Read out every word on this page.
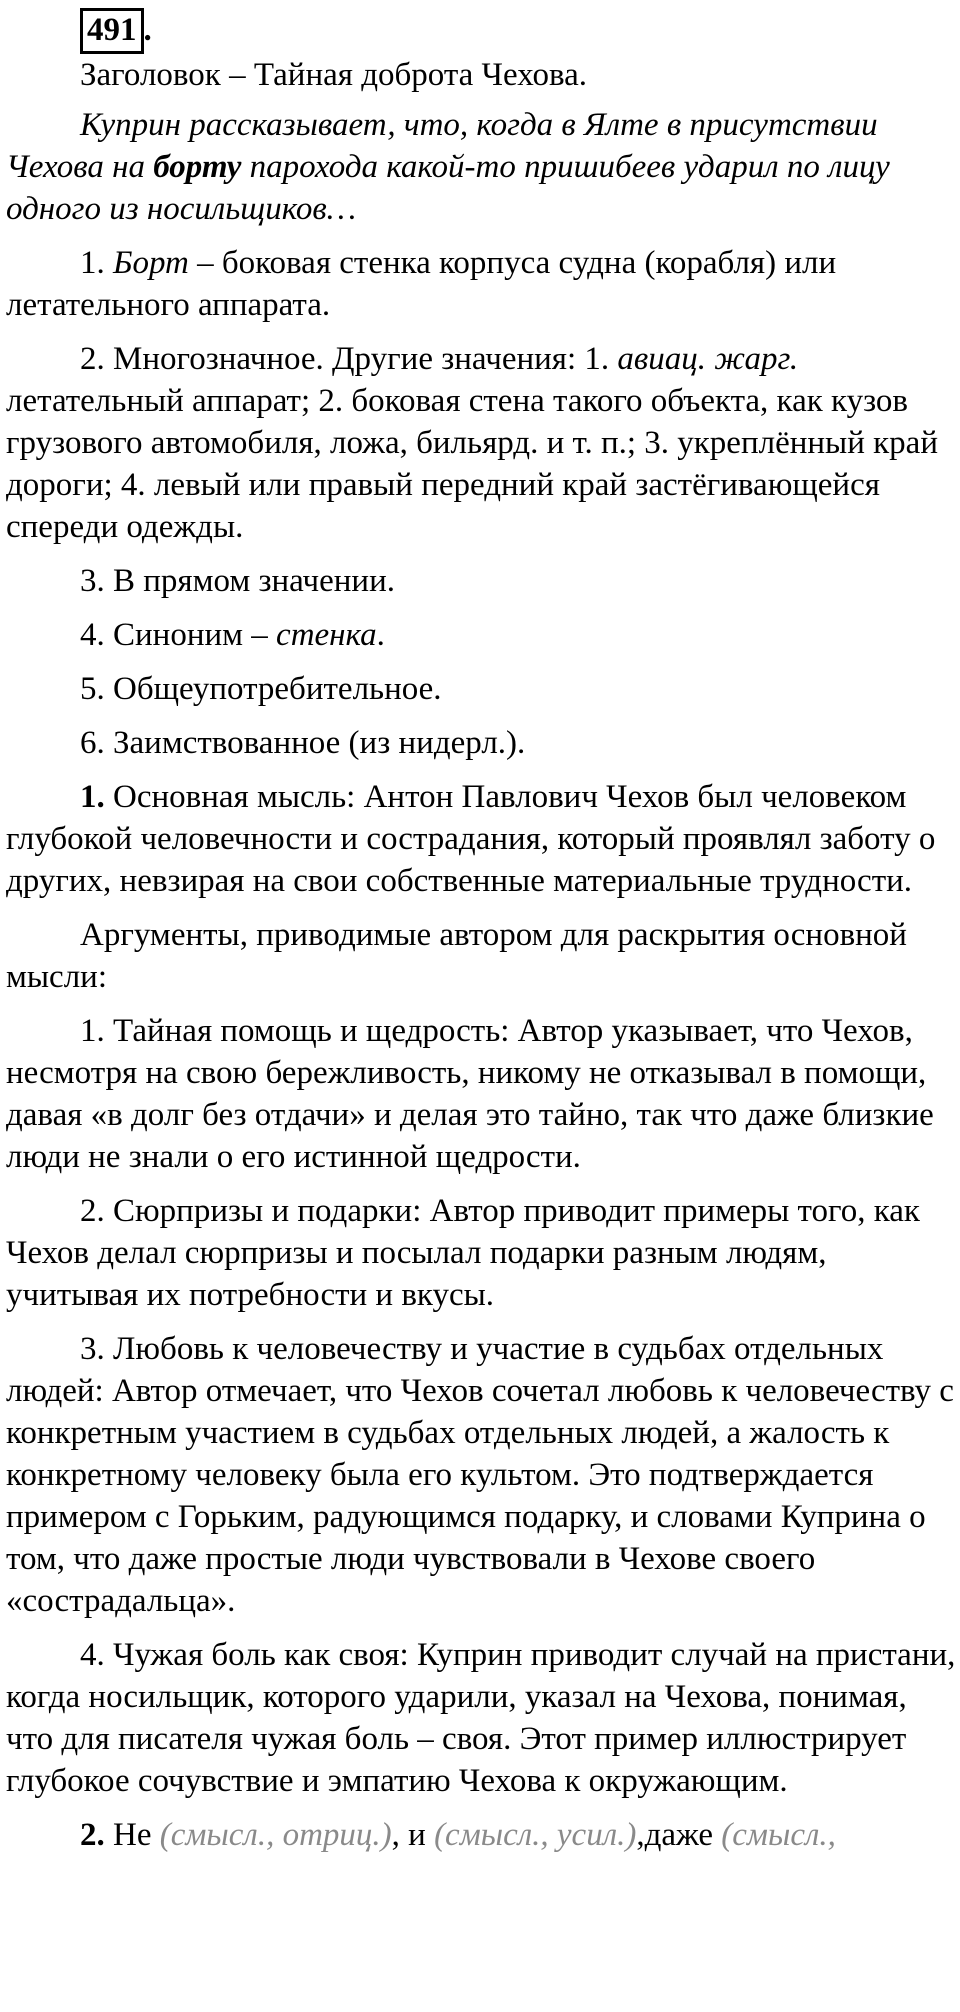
491 .

Заголовок – Тайная доброта Чехова.

Куприн рассказывает, что, когда в Ялте в присутствии Чехова на борту парохода какой-то пришибеев ударил по лицу одного из носильщиков…

1. Борт – боковая стенка корпуса судна (корабля) или летательного аппарата.

2. Многозначное. Другие значения: 1. авиац. жарг. летательный аппарат; 2. боковая стена такого объекта, как кузов грузового автомобиля, ложа, бильярд. и т. п.; 3. укреплённый край дороги; 4. левый или правый передний край застёгивающейся спереди одежды.

3. В прямом значении.

4. Синоним – стенка.

5. Общеупотребительное.

6. Заимствованное (из нидерл.).

1. Основная мысль: Антон Павлович Чехов был человеком глубокой человечности и сострадания, который проявлял заботу о других, невзирая на свои собственные материальные трудности.

Аргументы, приводимые автором для раскрытия основной мысли:

1. Тайная помощь и щедрость: Автор указывает, что Чехов, несмотря на свою бережливость, никому не отказывал в помощи, давая «в долг без отдачи» и делая это тайно, так что даже близкие люди не знали о его истинной щедрости.

2. Сюрпризы и подарки: Автор приводит примеры того, как Чехов делал сюрпризы и посылал подарки разным людям, учитывая их потребности и вкусы.

3. Любовь к человечеству и участие в судьбах отдельных людей: Автор отмечает, что Чехов сочетал любовь к человечеству с конкретным участием в судьбах отдельных людей, а жалость к конкретному человеку была его культом. Это подтверждается примером с Горьким, радующимся подарку, и словами Куприна о том, что даже простые люди чувствовали в Чехове своего «сострадальца».

4. Чужая боль как своя: Куприн приводит случай на пристани, когда носильщик, которого ударили, указал на Чехова, понимая, что для писателя чужая боль – своя. Этот пример иллюстрирует глубокое сочувствие и эмпатию Чехова к окружающим.

2. Не (смысл., отриц.), и (смысл., усил.),даже (смысл.,
